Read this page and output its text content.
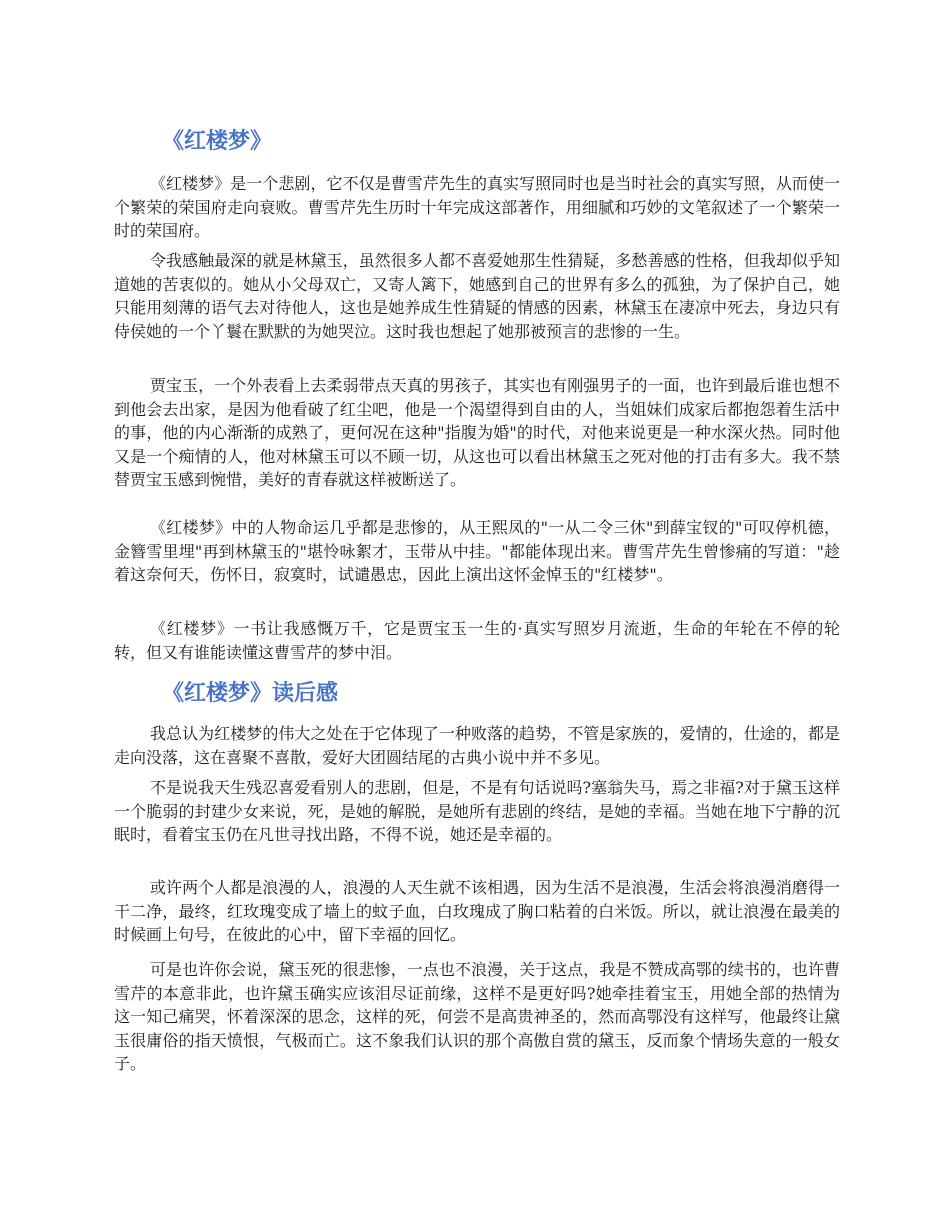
《红楼梦》

《红楼梦》是一个悲剧，它不仅是曹雪芹先生的真实写照同时也是当时社会的真实写照，从而使一个繁荣的荣国府走向衰败。曹雪芹先生历时十年完成这部著作，用细腻和巧妙的文笔叙述了一个繁荣一时的荣国府。

令我感触最深的就是林黛玉，虽然很多人都不喜爱她那生性猜疑，多愁善感的性格，但我却似乎知道她的苦衷似的。她从小父母双亡，又寄人篱下，她感到自己的世界有多么的孤独，为了保护自己，她只能用刻薄的语气去对待他人，这也是她养成生性猜疑的情感的因素，林黛玉在凄凉中死去，身边只有侍侯她的一个丫鬟在默默的为她哭泣。这时我也想起了她那被预言的悲惨的一生。

贾宝玉，一个外表看上去柔弱带点天真的男孩子，其实也有刚强男子的一面，也许到最后谁也想不到他会去出家，是因为他看破了红尘吧，他是一个渴望得到自由的人，当姐妹们成家后都抱怨着生活中的事，他的内心渐渐的成熟了，更何况在这种"指腹为婚"的时代，对他来说更是一种水深火热。同时他又是一个痴情的人，他对林黛玉可以不顾一切，从这也可以看出林黛玉之死对他的打击有多大。我不禁替贾宝玉感到惋惜，美好的青春就这样被断送了。

《红楼梦》中的人物命运几乎都是悲惨的，从王熙凤的"一从二令三休"到薛宝钗的"可叹停机德，金簪雪里埋"再到林黛玉的"堪怜咏絮才，玉带从中挂。"都能体现出来。曹雪芹先生曾惨痛的写道："趁着这奈何天，伤怀日，寂寞时，试谴愚忠，因此上演出这怀金悼玉的"红楼梦"。

《红楼梦》一书让我感慨万千，它是贾宝玉一生的·真实写照岁月流逝，生命的年轮在不停的轮转，但又有谁能读懂这曹雪芹的梦中泪。

《红楼梦》读后感

我总认为红楼梦的伟大之处在于它体现了一种败落的趋势，不管是家族的，爱情的，仕途的，都是走向没落，这在喜聚不喜散，爱好大团圆结尾的古典小说中并不多见。

不是说我天生残忍喜爱看别人的悲剧，但是，不是有句话说吗?塞翁失马，焉之非福?对于黛玉这样一个脆弱的封建少女来说，死，是她的解脱，是她所有悲剧的终结，是她的幸福。当她在地下宁静的沉眠时，看着宝玉仍在凡世寻找出路，不得不说，她还是幸福的。

或许两个人都是浪漫的人，浪漫的人天生就不该相遇，因为生活不是浪漫，生活会将浪漫消磨得一干二净，最终，红玫瑰变成了墙上的蚊子血，白玫瑰成了胸口粘着的白米饭。所以，就让浪漫在最美的时候画上句号，在彼此的心中，留下幸福的回忆。

可是也许你会说，黛玉死的很悲惨，一点也不浪漫，关于这点，我是不赞成高鄂的续书的，也许曹雪芹的本意非此，也许黛玉确实应该泪尽证前缘，这样不是更好吗?她牵挂着宝玉，用她全部的热情为这一知己痛哭，怀着深深的思念，这样的死，何尝不是高贵神圣的，然而高鄂没有这样写，他最终让黛玉很庸俗的指天愤恨，气极而亡。这不象我们认识的那个高傲自赏的黛玉，反而象个情场失意的一般女子。
